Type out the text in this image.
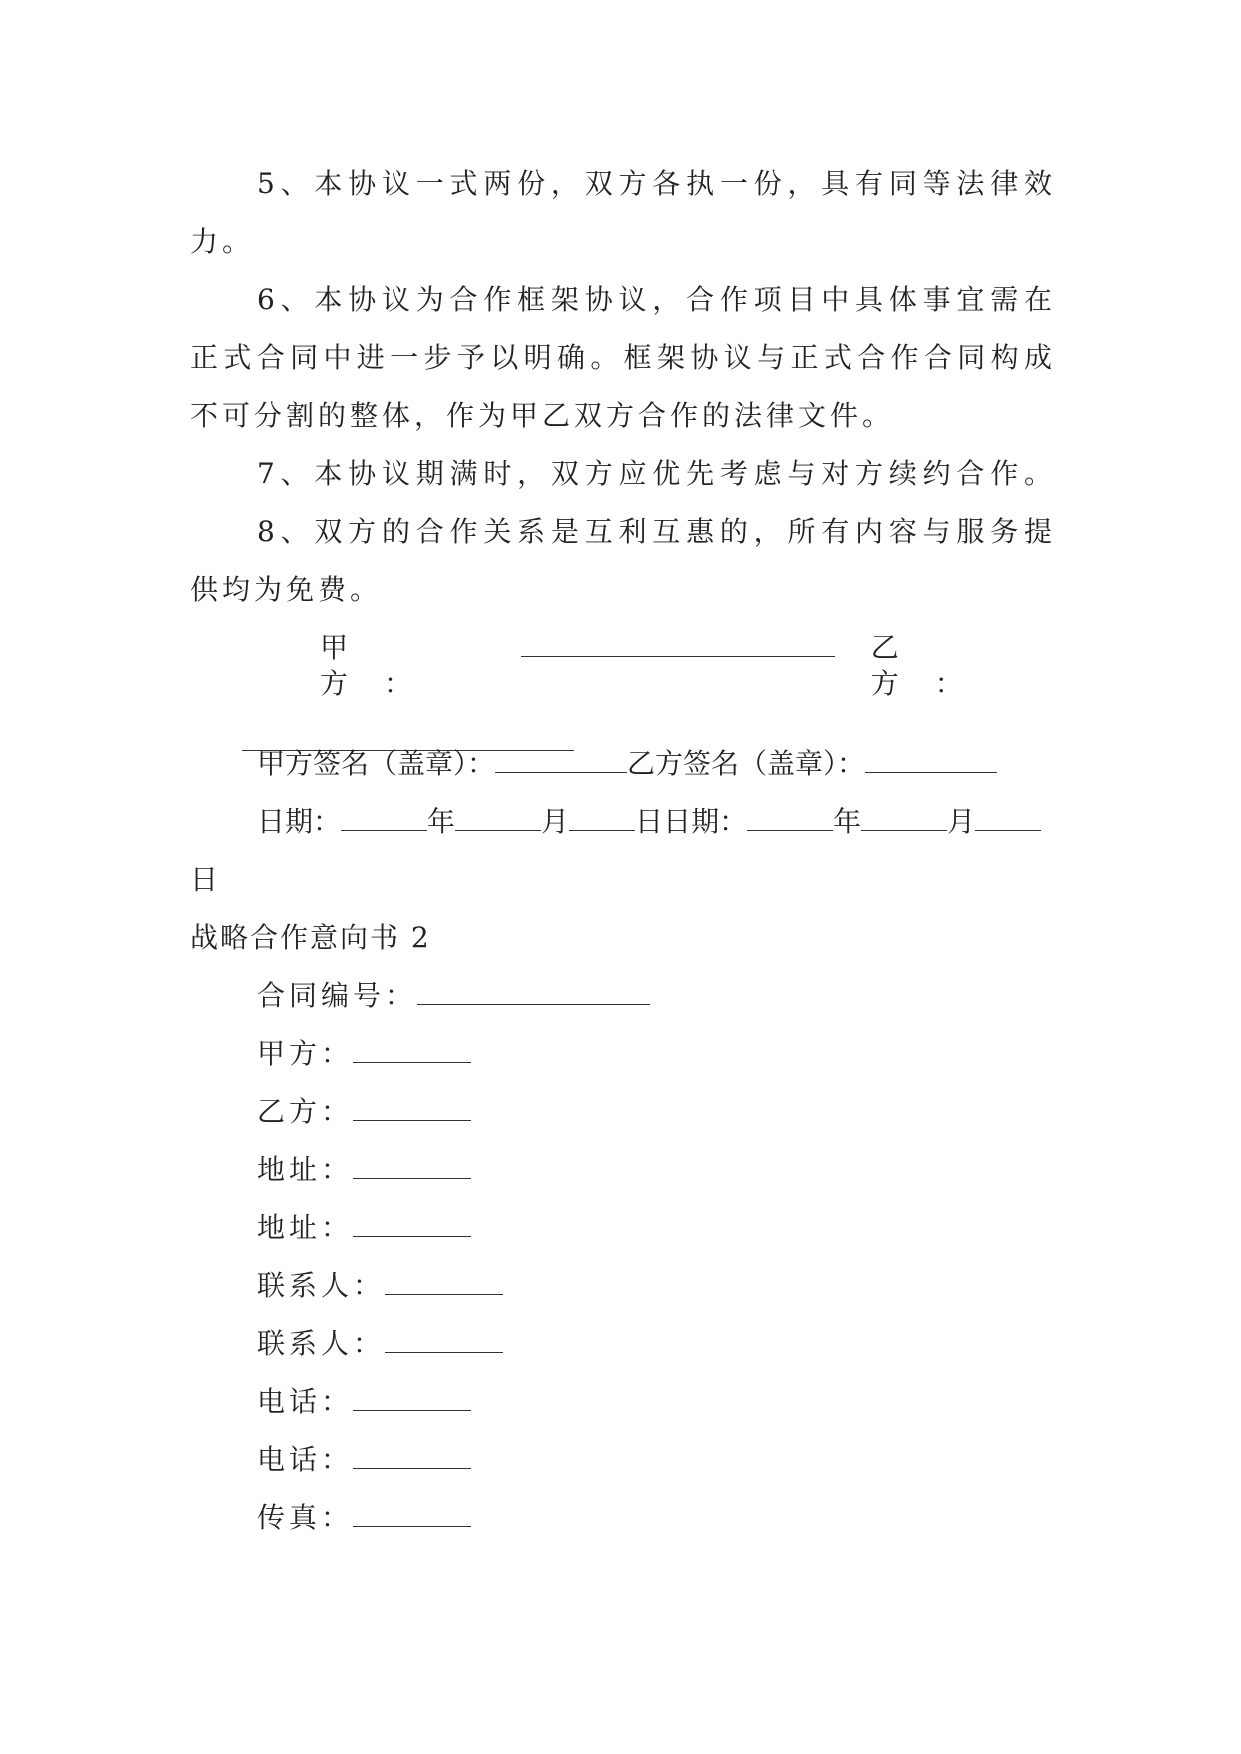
5、本协议一式两份，双方各执一份，具有同等法律效
力。
6、本协议为合作框架协议，合作项目中具体事宜需在
正式合同中进一步予以明确。框架协议与正式合作合同构成
不可分割的整体，作为甲乙双方合作的法律文件。
7、本协议期满时，双方应优先考虑与对方续约合作。
8、双方的合作关系是互利互惠的，所有内容与服务提
供均为免费。
甲方：
乙方：

甲方签名（盖章）：	乙方签名（盖章）：
日期：	年	月 日 日期：	年	月
日
战略合作意向书 2
合同编号：
甲方：
乙方：
地址：
地址：
联系人：
联系人：
电话：
电话：
传真：
